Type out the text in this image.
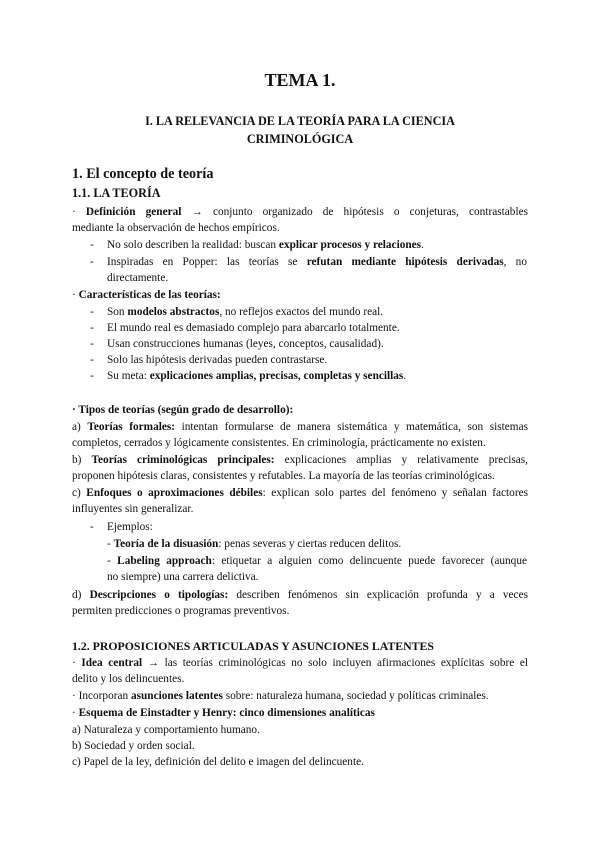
TEMA 1.
I. LA RELEVANCIA DE LA TEORÍA PARA LA CIENCIA
CRIMINOLÓGICA
1. El concepto de teoría
1.1. LA TEORÍA
· Definición general → conjunto organizado de hipótesis o conjeturas, contrastables
mediante la observación de hechos empíricos.
- No solo describen la realidad: buscan explicar procesos y relaciones.
- Inspiradas en Popper: las teorías se refutan mediante hipótesis derivadas, no
directamente.
· Características de las teorías:
- Son modelos abstractos, no reflejos exactos del mundo real.
- El mundo real es demasiado complejo para abarcarlo totalmente.
- Usan construcciones humanas (leyes, conceptos, causalidad).
- Solo las hipótesis derivadas pueden contrastarse.
- Su meta: explicaciones amplias, precisas, completas y sencillas.
· Tipos de teorías (según grado de desarrollo):
a) Teorías formales: intentan formularse de manera sistemática y matemática, son sistemas
completos, cerrados y lógicamente consistentes. En criminología, prácticamente no existen.
b) Teorías criminológicas principales: explicaciones amplias y relativamente precisas,
proponen hipótesis claras, consistentes y refutables. La mayoría de las teorías criminológicas.
c) Enfoques o aproximaciones débiles: explican solo partes del fenómeno y señalan factores
influyentes sin generalizar.
- Ejemplos:
- Teoría de la disuasión: penas severas y ciertas reducen delitos.
- Labeling approach: etiquetar a alguien como delincuente puede favorecer (aunque
no siempre) una carrera delictiva.
d) Descripciones o tipologías: describen fenómenos sin explicación profunda y a veces
permiten predicciones o programas preventivos.
1.2. PROPOSICIONES ARTICULADAS Y ASUNCIONES LATENTES
· Idea central → las teorías criminológicas no solo incluyen afirmaciones explícitas sobre el
delito y los delincuentes.
· Incorporan asunciones latentes sobre: naturaleza humana, sociedad y políticas criminales.
· Esquema de Einstadter y Henry: cinco dimensiones analíticas
a) Naturaleza y comportamiento humano.
b) Sociedad y orden social.
c) Papel de la ley, definición del delito e imagen del delincuente.
